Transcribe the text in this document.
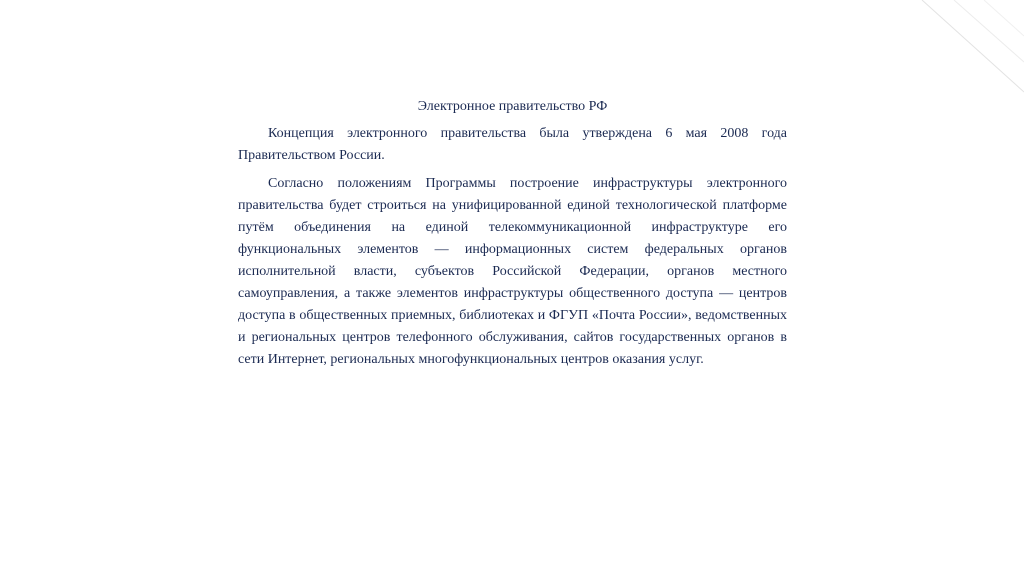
Электронное правительство РФ

Концепция электронного правительства была утверждена 6 мая 2008 года Правительством России.

Согласно положениям Программы построение инфраструктуры электронного правительства будет строиться на унифицированной единой технологической платформе путём объединения на единой телекоммуникационной инфраструктуре его функциональных элементов — информационных систем федеральных органов исполнительной власти, субъектов Российской Федерации, органов местного самоуправления, а также элементов инфраструктуры общественного доступа — центров доступа в общественных приемных, библиотеках и ФГУП «Почта России», ведомственных и региональных центров телефонного обслуживания, сайтов государственных органов в сети Интернет, региональных многофункциональных центров оказания услуг.
